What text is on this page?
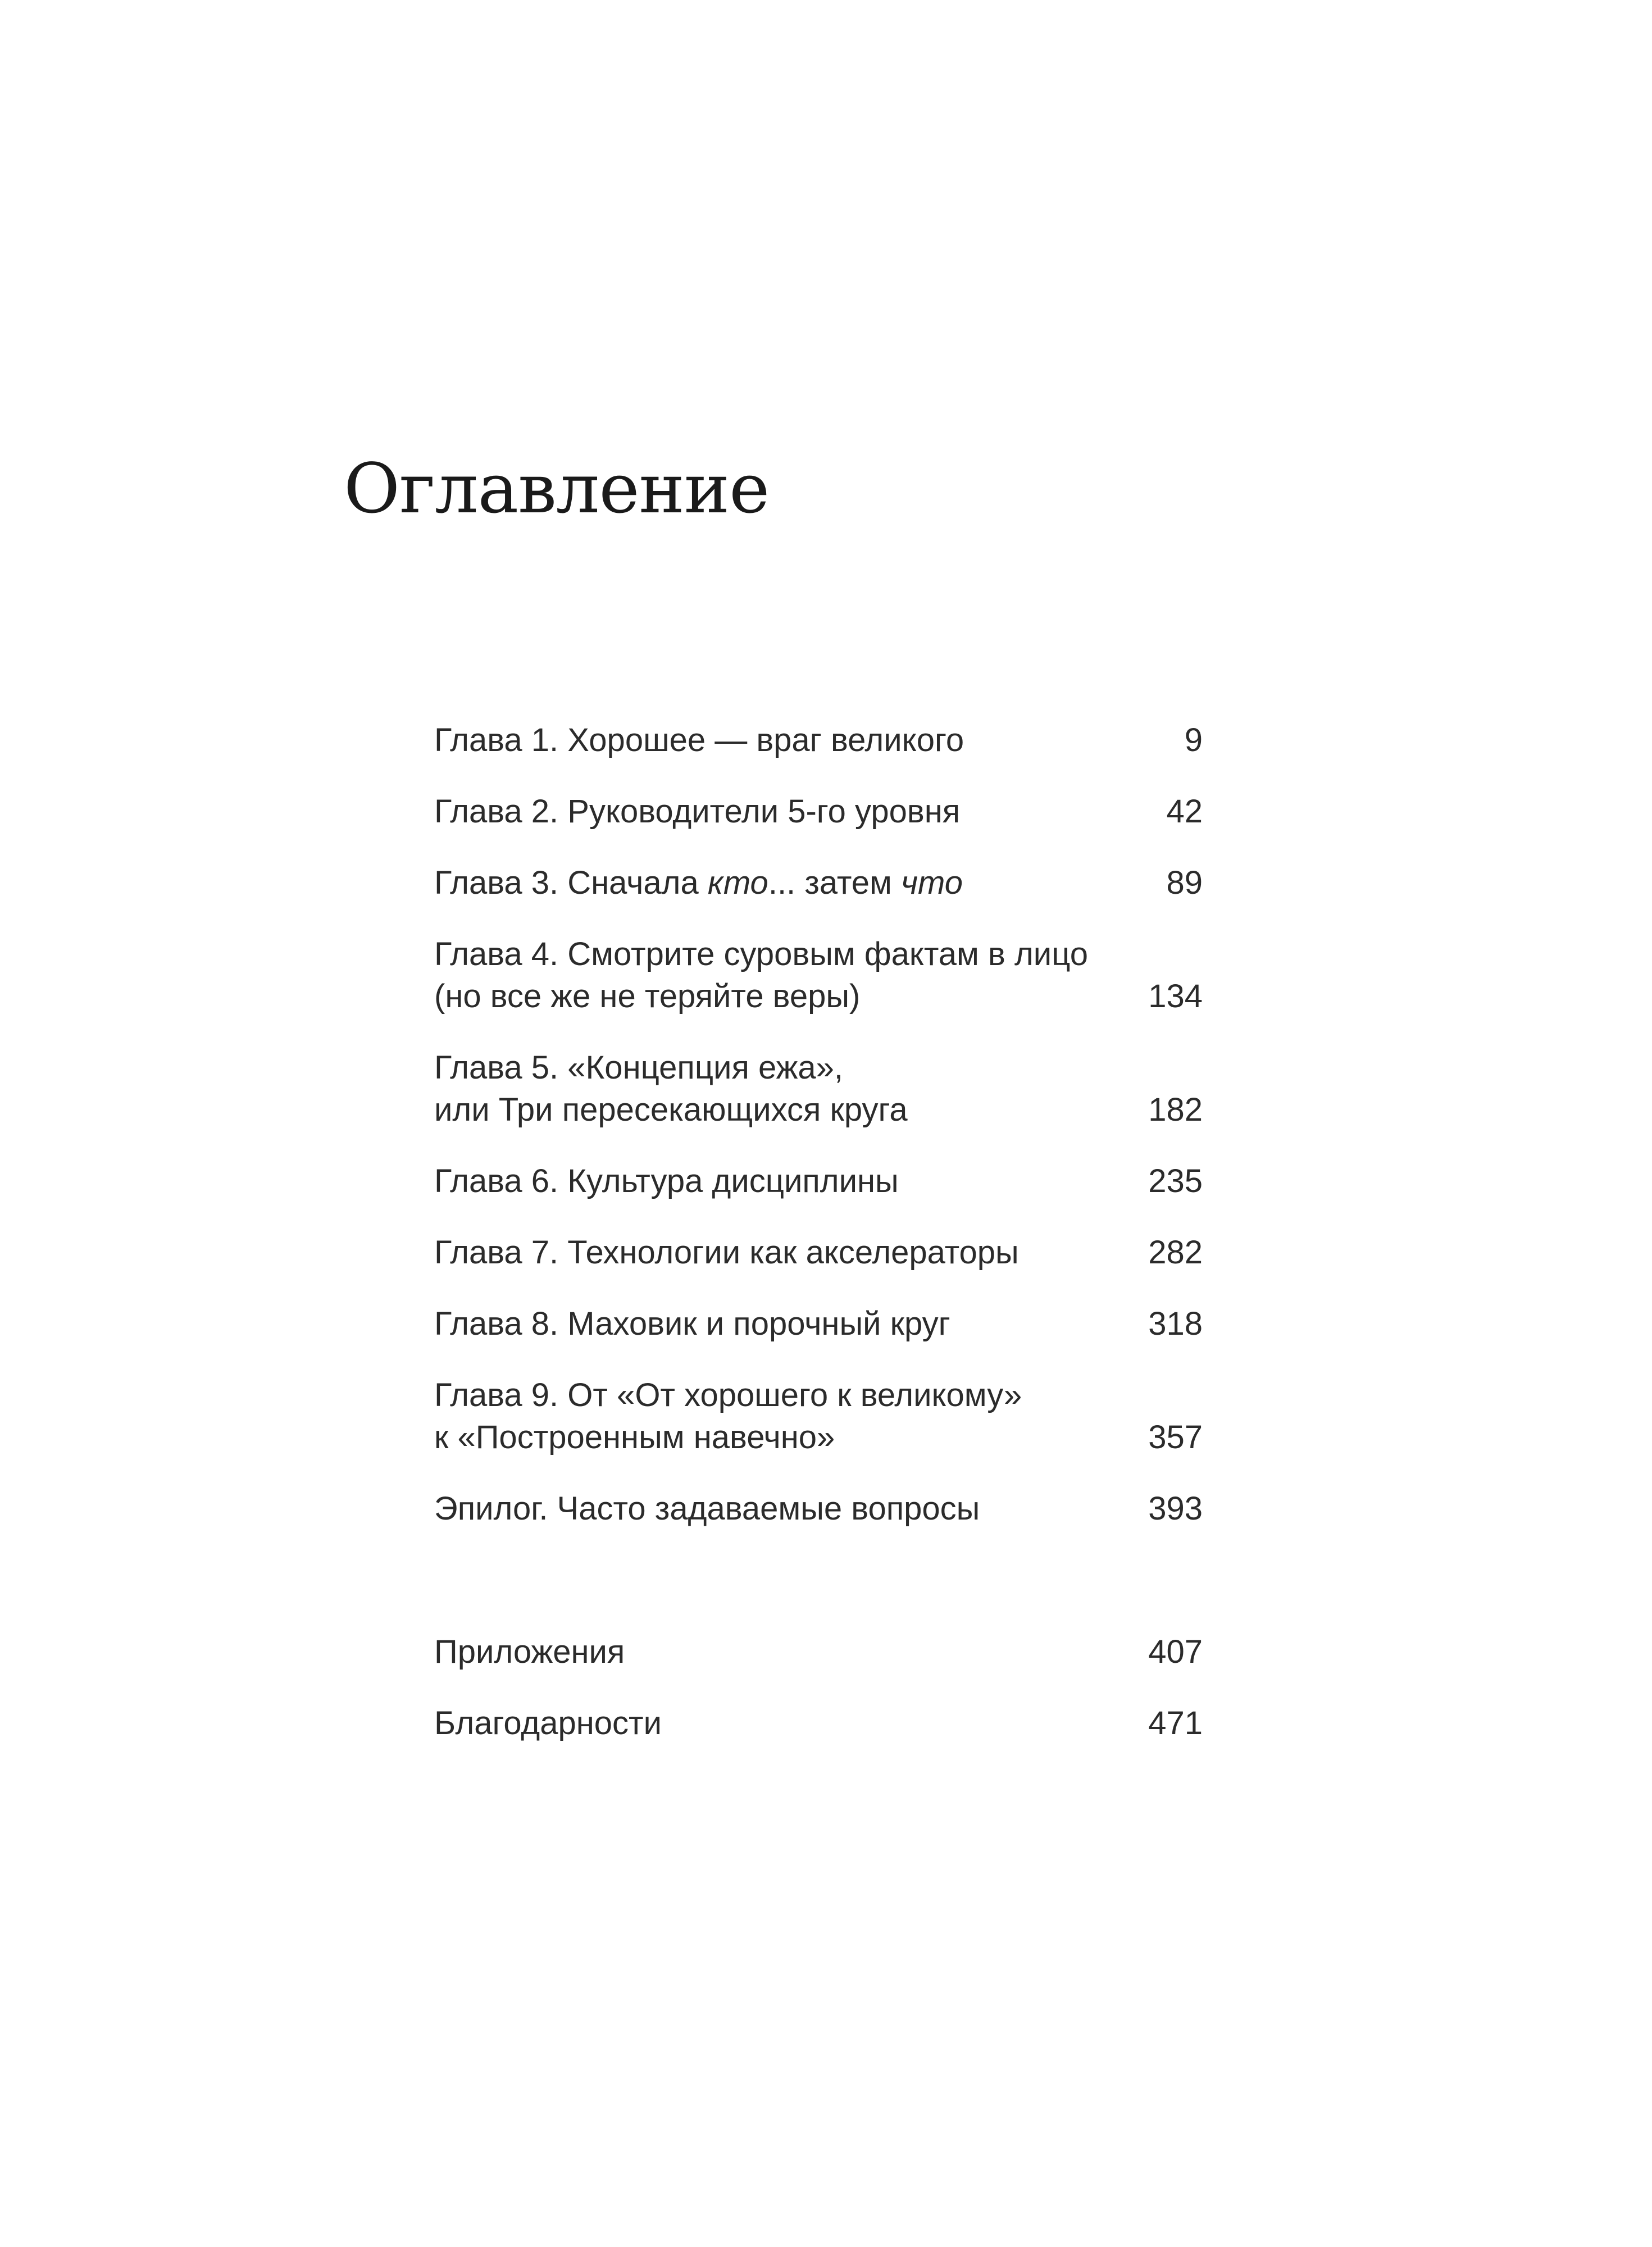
Оглавление
Глава 1. Хорошее — враг великого	9
Глава 2. Руководители 5-го уровня	42
Глава 3. Сначала кто... затем что	89
Глава 4. Смотрите суровым фактам в лицо
(но все же не теряйте веры)	134
Глава 5. «Концепция ежа»,
или Три пересекающихся круга	182
Глава 6. Культура дисциплины	235
Глава 7. Технологии как акселераторы	282
Глава 8. Маховик и порочный круг	318
Глава 9. От «От хорошего к великому»
к «Построенным навечно»	357
Эпилог. Часто задаваемые вопросы	393
Приложения	407
Благодарности	471
